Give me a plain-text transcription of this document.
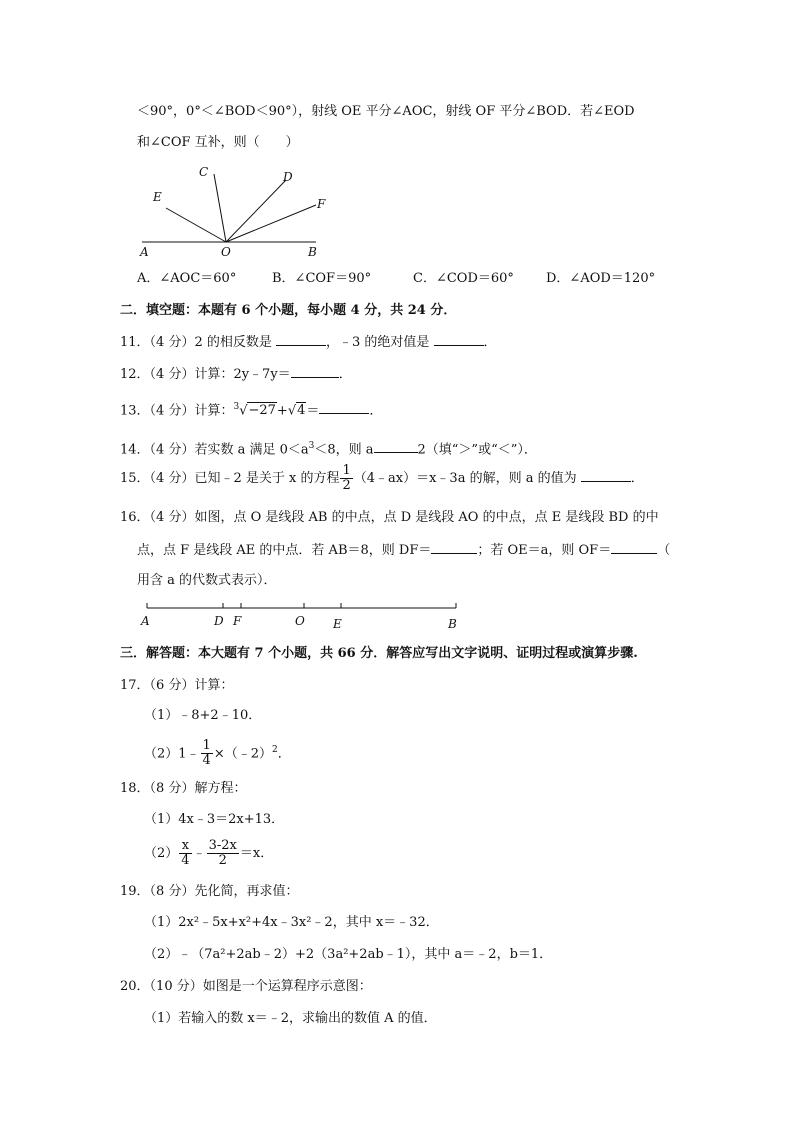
＜90°，0°＜∠BOD＜90°），射线 OE 平分∠AOC，射线 OF 平分∠BOD．若∠EOD
和∠COF 互补，则（　　）
C	D
E	F
A	O	B
A．∠AOC＝60°	B．∠COF＝90°	C．∠COD＝60° D．∠AOD＝120°
二．填空题：本题有 6 个小题，每小题 4 分，共 24 分．
11．（4 分）2 的相反数是	，﹣3 的绝对值是	．
12．（4 分）计算：2y﹣7y＝	．
13．（4 分）计算：$^3$√−27+√4＝	．
14．（4 分）若实数 a 满足 $0<a^3<8$，则 a	2（填“＞”或“＜”）．
15．（4 分）已知﹣2 是关于 x 的方程 $\frac{1}{2}$ （4﹣ax）＝x﹣3a 的解，则 a 的值为	．
16．（4 分）如图，点 O 是线段 AB 的中点，点 D 是线段 AO 的中点，点 E 是线段 BD 的中
点，点 F 是线段 AE 的中点．若 AB＝8，则 DF＝	；若 OE＝a，则 OF＝	（
用含 a 的代数式表示）．
A	D F	O E	B
三．解答题：本大题有 7 个小题，共 66 分．解答应写出文字说明、证明过程或演算步骤.
17．（6 分）计算：
（1）﹣8+2﹣10．
（2）1﹣ $\frac{1}{4}$ ×（﹣2）$^2$．
18．（8 分）解方程：
（1）4x﹣3＝2x+13．
$(2) \frac{x}{4}$ ﹣ $\frac{3-2x}{2} =x$．
19．（8 分）先化简，再求值：
（1）2x²﹣5x+x²+4x﹣3x²﹣2，其中 x＝﹣32．
（2）﹣（7a²+2ab﹣2）+2（3a²+2ab﹣1），其中 a＝﹣2，b＝1．
20．（10 分）如图是一个运算程序示意图：
（1）若输入的数 x＝﹣2，求输出的数值 A 的值．
